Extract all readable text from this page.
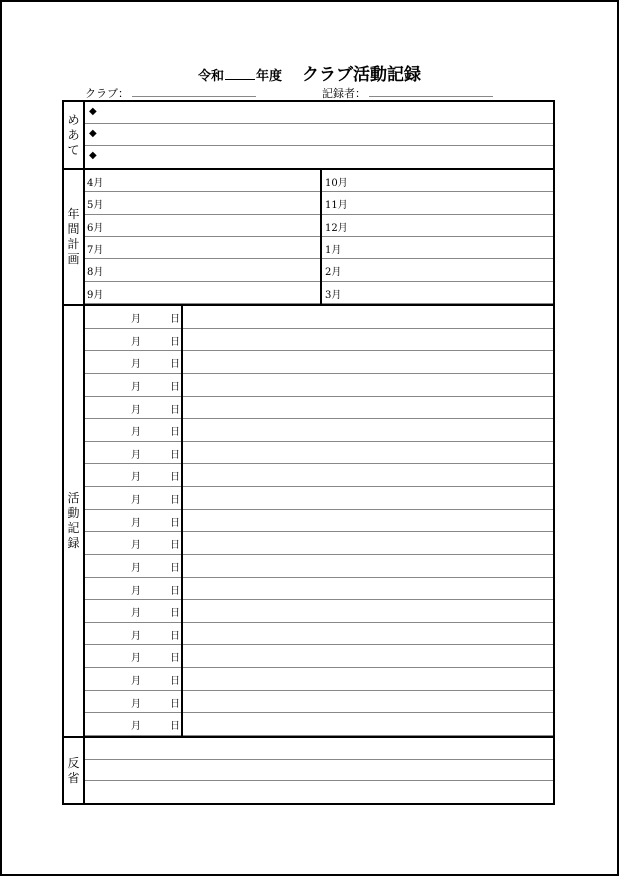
令和 年度 クラブ活動記録
クラブ：	記録者：
め
あ
て
◆
◆
◆
年
間
計
画
4月	10月
5月	11月
6月	12月
7月	1月
8月	2月
9月	3月
活
動
記
録
月	日
月	日
月	日
月	日
月	日
月	日
月	日
月	日
月	日
月	日
月	日
月	日
月	日
月	日
月	日
月	日
月	日
月	日
月	日
反
省
